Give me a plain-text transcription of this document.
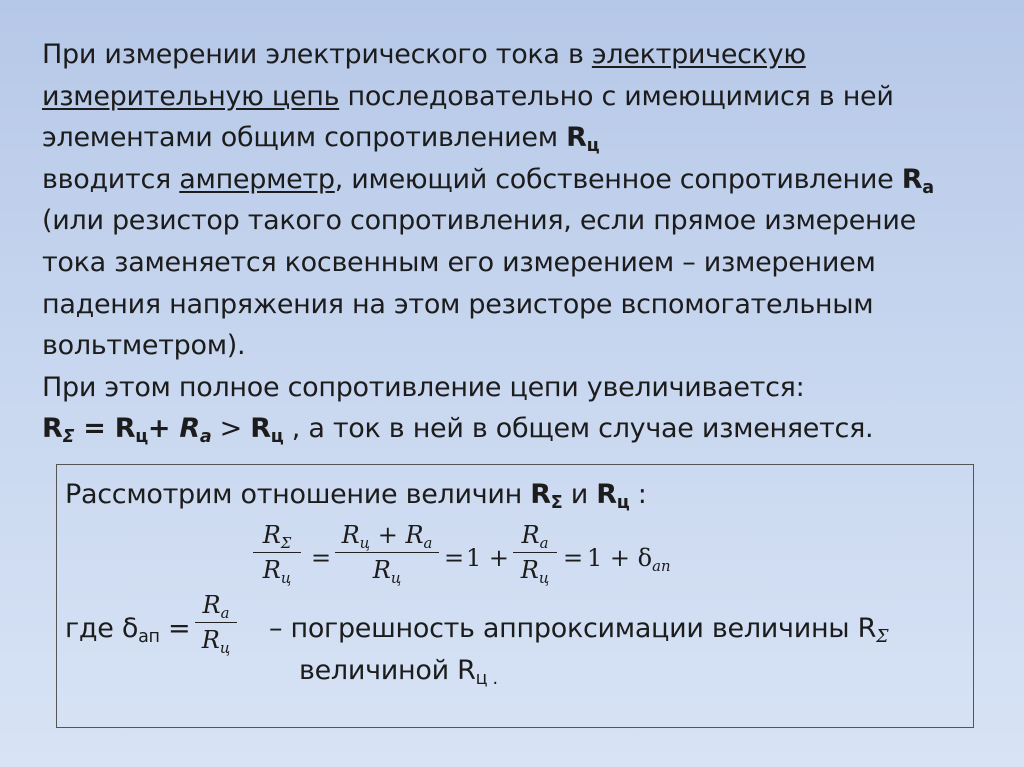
При измерении электрического тока в электрическую
измерительную цепь последовательно с имеющимися в ней
элементами общим сопротивлением $R_ц$
вводится амперметр, имеющий собственное сопротивление $R_a$
(или резистор такого сопротивления, если прямое измерение
тока заменяется косвенным его измерением – измерением
падения напряжения на этом резисторе вспомогательным
вольтметром).
При этом полное сопротивление цепи увеличивается:
$R_\Sigma = R_ц+ R_a > R_ц$ , а ток в ней в общем случае изменяется.
Рассмотрим отношение величин $R_\Sigma$ и $R_ц$ :
$R_\Sigma$
$R_ц$
=
$R_ц + R_a$
$R_ц$
= 1 +
$R_a$
$R_ц$
= $1 + \delta_{ап}$
где $\delta_{ап}$ =
$R_a$
$R_ц$
– погрешность аппроксимации величины $R_\Sigma$
величиной $R_{ц .}$
